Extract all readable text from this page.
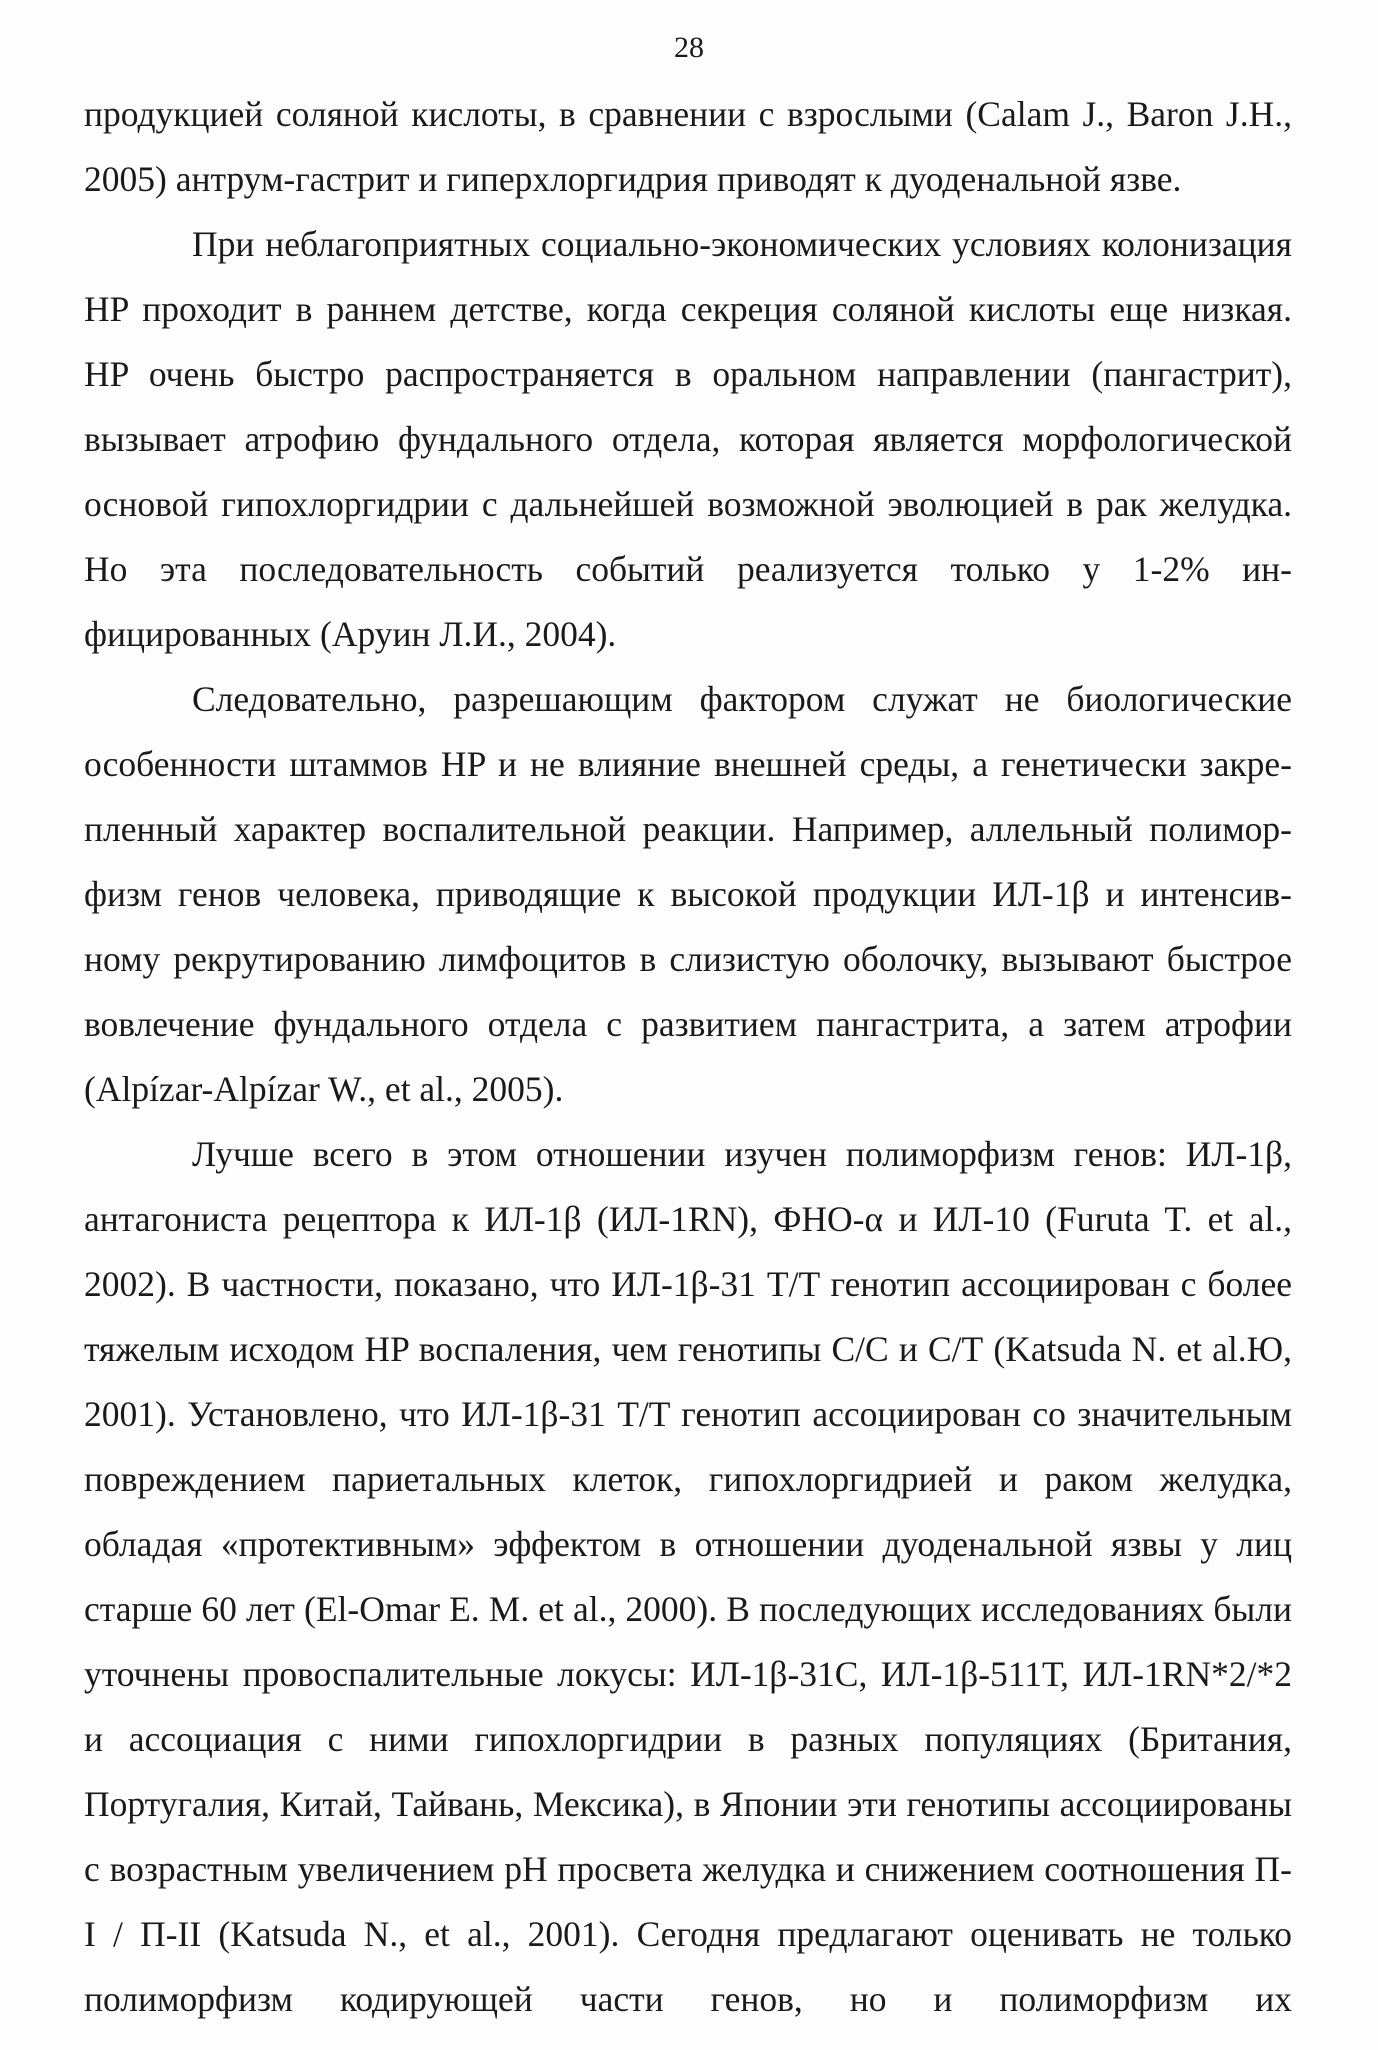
28

продукцией соляной кислоты, в сравнении с взрослыми (Calam J., Baron J.H., 2005) антрум-гастрит и гиперхлоргидрия приводят к дуоденальной язве.

При неблагоприятных социально-экономических условиях колонизация HP проходит в раннем детстве, когда секреция соляной кислоты еще низкая. HP очень быстро распространяется в оральном направлении (пангастрит), вызывает атрофию фундального отдела, которая является морфологической основой гипохлоргидрии с дальнейшей возможной эволюцией в рак желудка. Но эта последовательность событий реализуется только у 1-2% инфицированных (Аруин Л.И., 2004).

Следовательно, разрешающим фактором служат не биологические особенности штаммов HP и не влияние внешней среды, а генетически закрепленный характер воспалительной реакции. Например, аллельный полиморфизм генов человека, приводящие к высокой продукции ИЛ-1β и интенсивному рекрутированию лимфоцитов в слизистую оболочку, вызывают быстрое вовлечение фундального отдела с развитием пангастрита, а затем атрофии (Alpízar-Alpízar W., et al., 2005).

Лучше всего в этом отношении изучен полиморфизм генов: ИЛ-1β, антагониста рецептора к ИЛ-1β (ИЛ-1RN), ФНО-α и ИЛ-10 (Furuta T. et al., 2002). В частности, показано, что ИЛ-1β-31 T/T генотип ассоциирован с более тяжелым исходом HP воспаления, чем генотипы С/С и С/Т (Katsuda N. et al.Ю, 2001). Установлено, что ИЛ-1β-31 T/T генотип ассоциирован со значительным повреждением париетальных клеток, гипохлоргидрией и раком желудка, обладая «протективным» эффектом в отношении дуоденальной язвы у лиц старше 60 лет (El-Omar E. M. et al., 2000). В последующих исследованиях были уточнены провоспалительные локусы: ИЛ-1β-31С, ИЛ-1β-511Т, ИЛ-1RN*2/*2 и ассоциация с ними гипохлоргидрии в разных популяциях (Британия, Португалия, Китай, Тайвань, Мексика), в Японии эти генотипы ассоциированы с возрастным увеличением рН просвета желудка и снижением соотношения П-I / П-II (Katsuda N., et al., 2001). Сегодня предлагают оценивать не только полиморфизм кодирующей части генов, но и полиморфизм их
